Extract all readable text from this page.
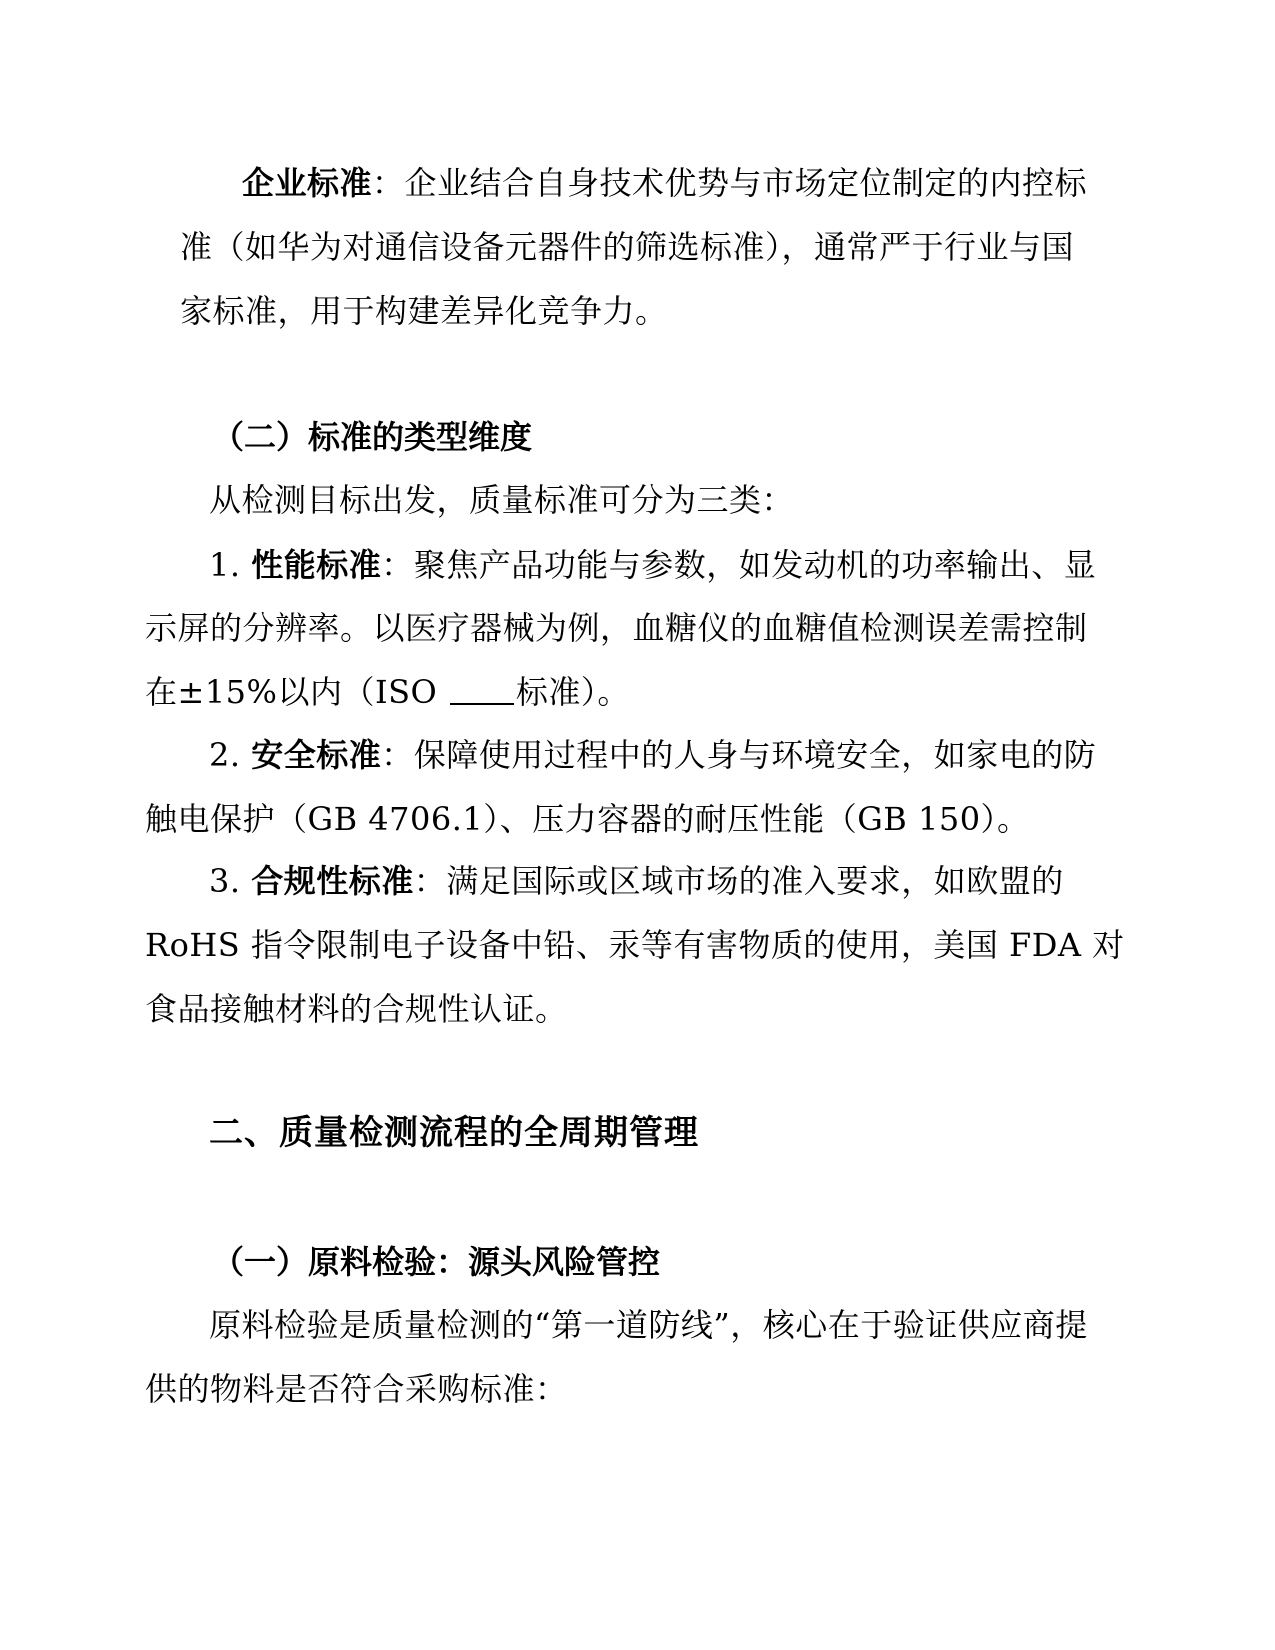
企业标准：企业结合自身技术优势与市场定位制定的内控标

准（如华为对通信设备元器件的筛选标准），通常严于行业与国

家标准，用于构建差异化竞争力。

（二）标准的类型维度

从检测目标出发，质量标准可分为三类：

1. 性能标准：聚焦产品功能与参数，如发动机的功率输出、显

示屏的分辨率。以医疗器械为例，血糖仪的血糖值检测误差需控制

在±15%以内（ISO 标准）。

2. 安全标准：保障使用过程中的人身与环境安全，如家电的防

触电保护（GB 4706.1）、压力容器的耐压性能（GB 150）。

3. 合规性标准：满足国际或区域市场的准入要求，如欧盟的

RoHS 指令限制电子设备中铅、汞等有害物质的使用，美国 FDA 对

食品接触材料的合规性认证。

二、质量检测流程的全周期管理

（一）原料检验：源头风险管控

原料检验是质量检测的“第一道防线”，核心在于验证供应商提

供的物料是否符合采购标准：
